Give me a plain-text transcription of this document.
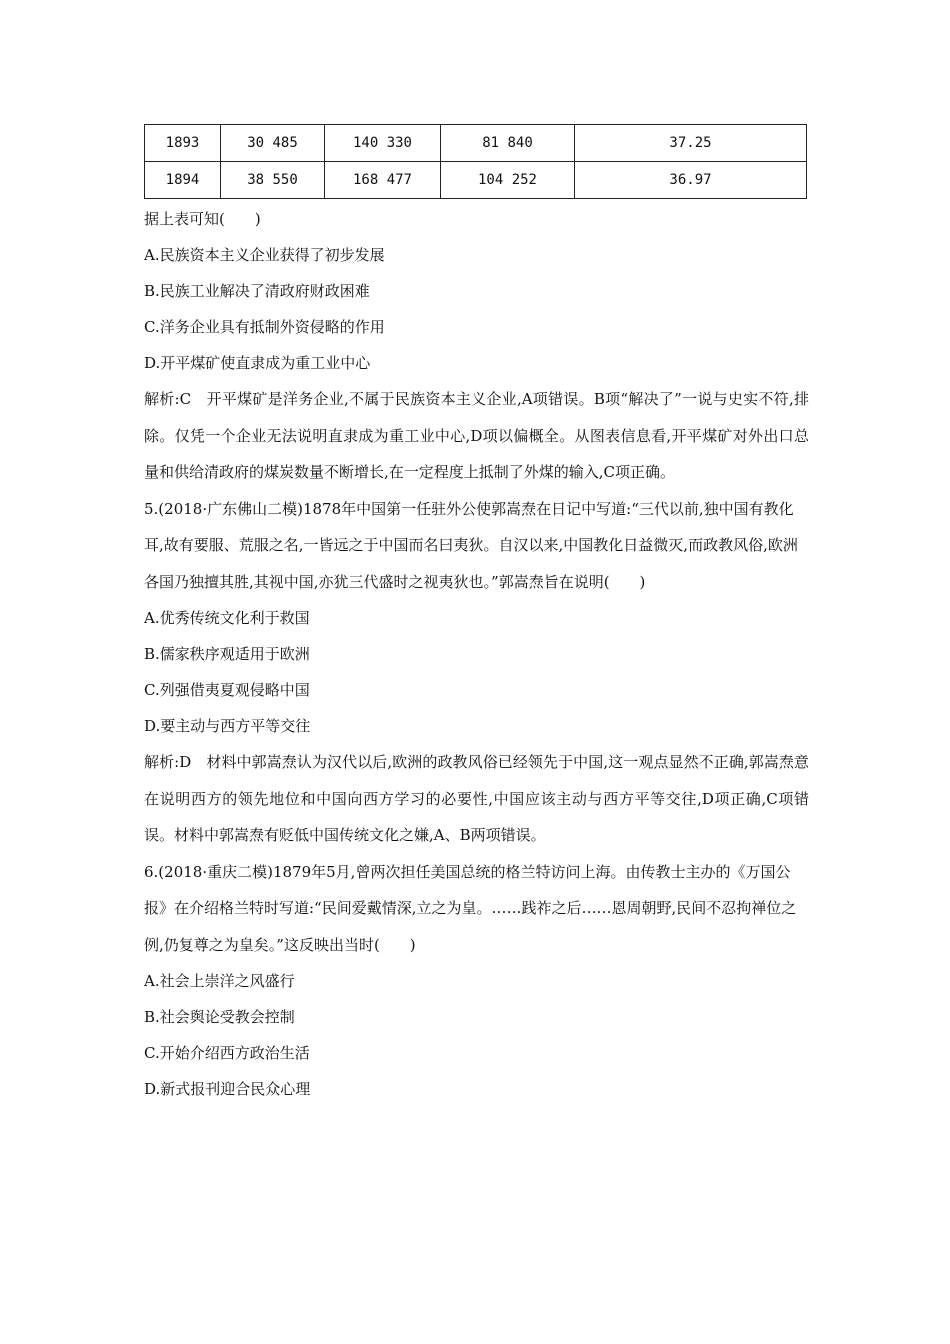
1893	30 485	140 330	81 840	37.25
1894	38 550	168 477	104 252	36.97
据上表可知(　　)
A.民族资本主义企业获得了初步发展
B.民族工业解决了清政府财政困难
C.洋务企业具有抵制外资侵略的作用
D.开平煤矿使直隶成为重工业中心

解析:C　开平煤矿是洋务企业,不属于民族资本主义企业,A项错误。B项“解决了”一说与史实不符,排除。仅凭一个企业无法说明直隶成为重工业中心,D项以偏概全。从图表信息看,开平煤矿对外出口总量和供给清政府的煤炭数量不断增长,在一定程度上抵制了外煤的输入,C项正确。

5.(2018·广东佛山二模)1878年中国第一任驻外公使郭嵩焘在日记中写道:“三代以前,独中国有教化耳,故有要服、荒服之名,一皆远之于中国而名曰夷狄。自汉以来,中国教化日益微灭,而政教风俗,欧洲各国乃独擅其胜,其视中国,亦犹三代盛时之视夷狄也。”郭嵩焘旨在说明(　　)

A.优秀传统文化利于救国
B.儒家秩序观适用于欧洲
C.列强借夷夏观侵略中国
D.要主动与西方平等交往

解析:D　材料中郭嵩焘认为汉代以后,欧洲的政教风俗已经领先于中国,这一观点显然不正确,郭嵩焘意在说明西方的领先地位和中国向西方学习的必要性,中国应该主动与西方平等交往,D项正确,C项错误。材料中郭嵩焘有贬低中国传统文化之嫌,A、B两项错误。

6.(2018·重庆二模)1879年5月,曾两次担任美国总统的格兰特访问上海。由传教士主办的《万国公报》在介绍格兰特时写道:“民间爱戴情深,立之为皇。……践祚之后……恩周朝野,民间不忍拘禅位之例,仍复尊之为皇矣。”这反映出当时(　　)

A.社会上崇洋之风盛行
B.社会舆论受教会控制
C.开始介绍西方政治生活
D.新式报刊迎合民众心理
